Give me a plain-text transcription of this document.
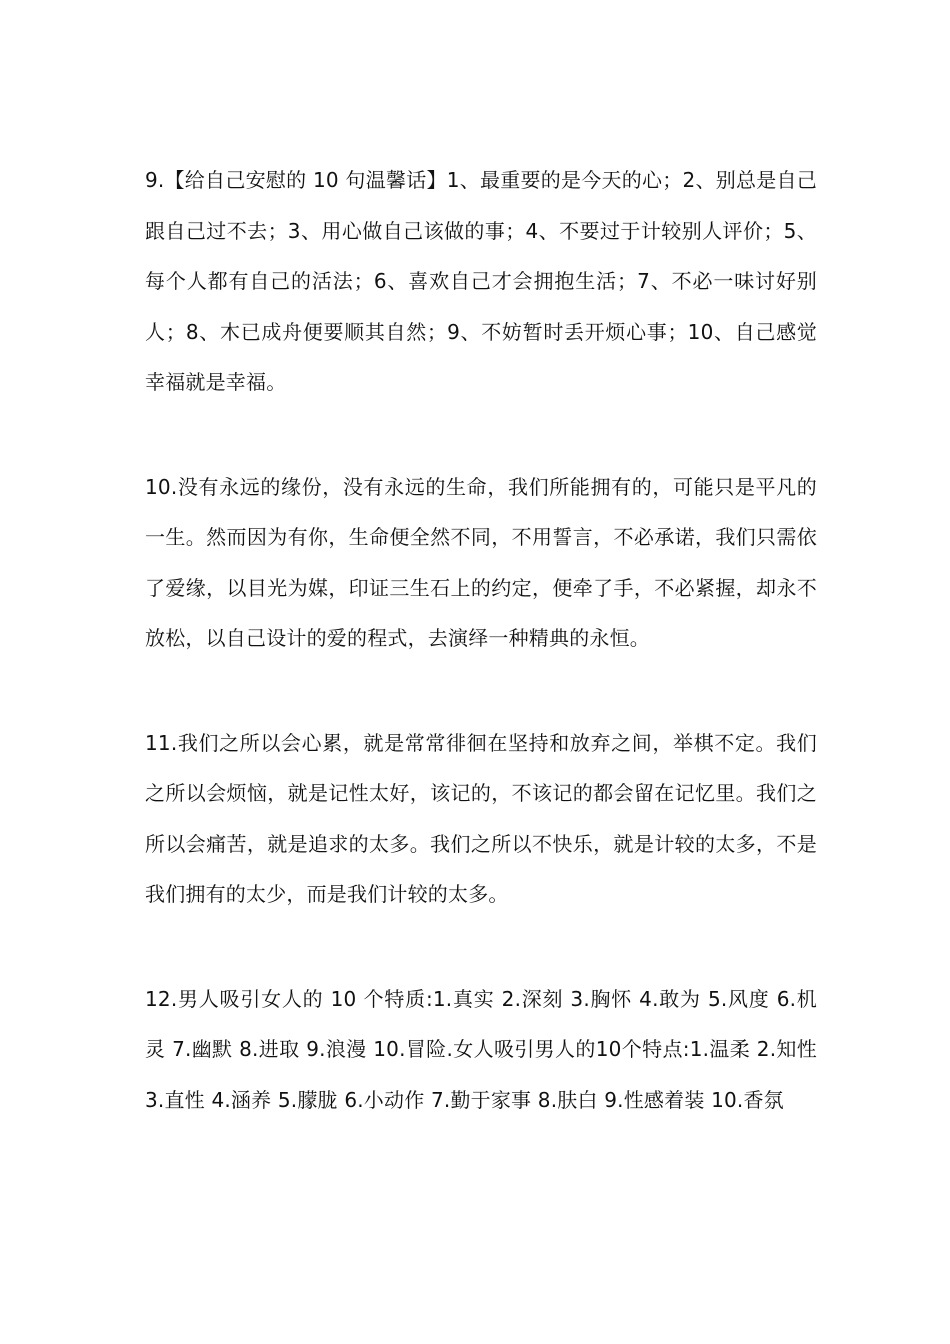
9.【给自己安慰的 10 句温馨话】1、最重要的是今天的心；2、别总是自己跟自己过不去；3、用心做自己该做的事；4、不要过于计较别人评价；5、每个人都有自己的活法；6、喜欢自己才会拥抱生活；7、不必一味讨好别人；8、木已成舟便要顺其自然；9、不妨暂时丢开烦心事；10、自己感觉幸福就是幸福。

10.没有永远的缘份，没有永远的生命，我们所能拥有的，可能只是平凡的一生。然而因为有你，生命便全然不同，不用誓言，不必承诺，我们只需依了爱缘，以目光为媒，印证三生石上的约定，便牵了手，不必紧握，却永不放松，以自己设计的爱的程式，去演绎一种精典的永恒。

11.我们之所以会心累，就是常常徘徊在坚持和放弃之间，举棋不定。我们之所以会烦恼，就是记性太好，该记的，不该记的都会留在记忆里。我们之所以会痛苦，就是追求的太多。我们之所以不快乐，就是计较的太多，不是我们拥有的太少，而是我们计较的太多。

12.男人吸引女人的 10 个特质:1.真实 2.深刻 3.胸怀 4.敢为 5.风度 6.机灵 7.幽默 8.进取 9.浪漫 10.冒险.女人吸引男人的10个特点:1.温柔 2.知性 3.直性 4.涵养 5.朦胧 6.小动作 7.勤于家事 8.肤白 9.性感着装 10.香氛
